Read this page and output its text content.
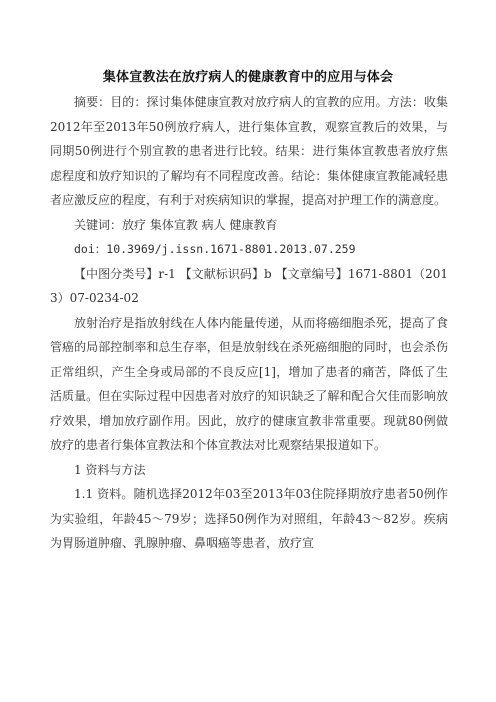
集体宣教法在放疗病人的健康教育中的应用与体会

摘要：目的：探讨集体健康宣教对放疗病人的宣教的应用。方法：收集2012年至2013年50例放疗病人，进行集体宣教，观察宣教后的效果，与同期50例进行个别宣教的患者进行比较。结果：进行集体宣教患者放疗焦虑程度和放疗知识的了解均有不同程度改善。结论：集体健康宣教能减轻患者应激反应的程度，有利于对疾病知识的掌握，提高对护理工作的满意度。

关键词：放疗 集体宣教 病人 健康教育

doi：10.3969/j.issn.1671-8801.2013.07.259

【中图分类号】r-1 【文献标识码】b 【文章编号】1671-8801（2013）07-0234-02

放射治疗是指放射线在人体内能量传递，从而将癌细胞杀死，提高了食管癌的局部控制率和总生存率，但是放射线在杀死癌细胞的同时，也会杀伤正常组织，产生全身或局部的不良反应[1]，增加了患者的痛苦，降低了生活质量。但在实际过程中因患者对放疗的知识缺乏了解和配合欠佳而影响放疗效果，增加放疗副作用。因此，放疗的健康宣教非常重要。现就80例做放疗的患者行集体宣教法和个体宣教法对比观察结果报道如下。

1 资料与方法

1.1 资料。随机选择2012年03至2013年03住院择期放疗患者50例作为实验组，年龄45～79岁；选择50例作为对照组，年龄43～82岁。疾病为胃肠道肿瘤、乳腺肿瘤、鼻咽癌等患者，放疗宣
